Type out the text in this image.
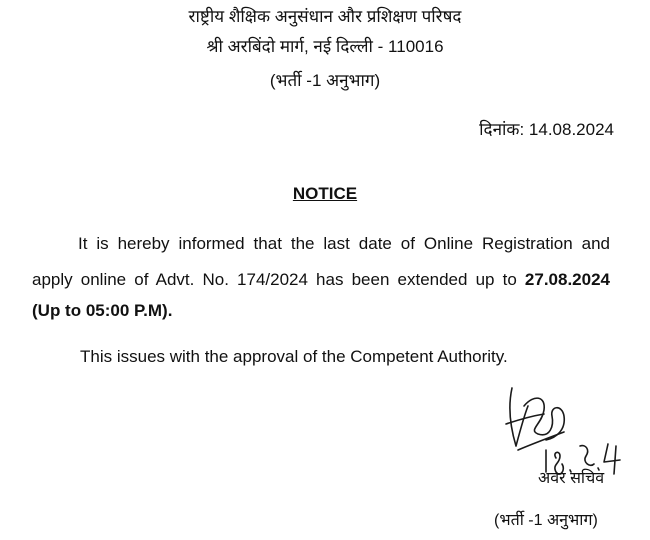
राष्ट्रीय शैक्षिक अनुसंधान और प्रशिक्षण परिषद
श्री अरबिंदो मार्ग, नई दिल्ली - 110016
(भर्ती -1 अनुभाग)
दिनांक: 14.08.2024
NOTICE
It is hereby informed that the last date of Online Registration and
apply online of Advt. No. 174/2024 has been extended up to 27.08.2024
(Up to 05:00 P.M).
This issues with the approval of the Competent Authority.
अवर सचिव
(भर्ती -1 अनुभाग)
